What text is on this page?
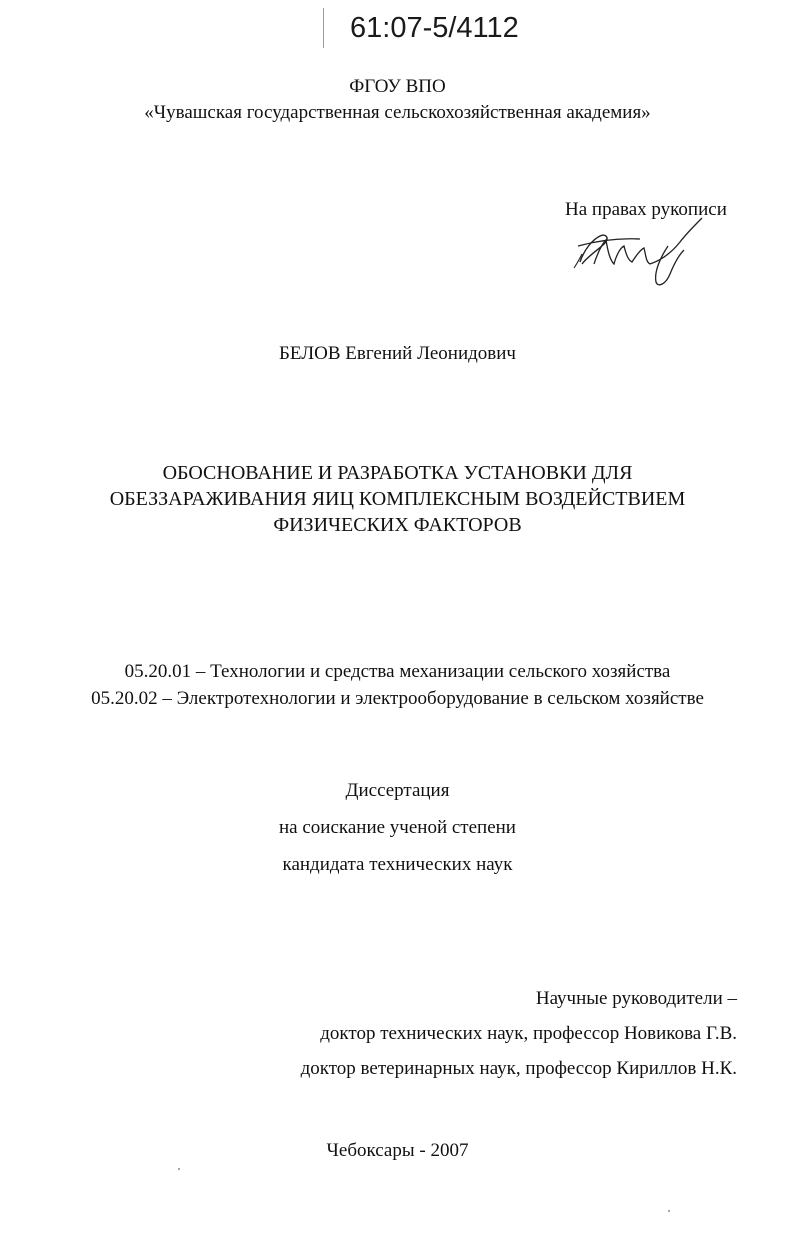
61:07-5/4112
ФГОУ ВПО
«Чувашская государственная сельскохозяйственная академия»
На правах рукописи
БЕЛОВ Евгений Леонидович
ОБОСНОВАНИЕ И РАЗРАБОТКА УСТАНОВКИ ДЛЯ
ОБЕЗЗАРАЖИВАНИЯ ЯИЦ КОМПЛЕКСНЫМ ВОЗДЕЙСТВИЕМ
ФИЗИЧЕСКИХ ФАКТОРОВ
05.20.01 – Технологии и средства механизации сельского хозяйства
05.20.02 – Электротехнологии и электрооборудование в сельском хозяйстве
Диссертация
на соискание ученой степени
кандидата технических наук
Научные руководители –
доктор технических наук, профессор Новикова Г.В.
доктор ветеринарных наук, профессор Кириллов Н.К.
Чебоксары - 2007
